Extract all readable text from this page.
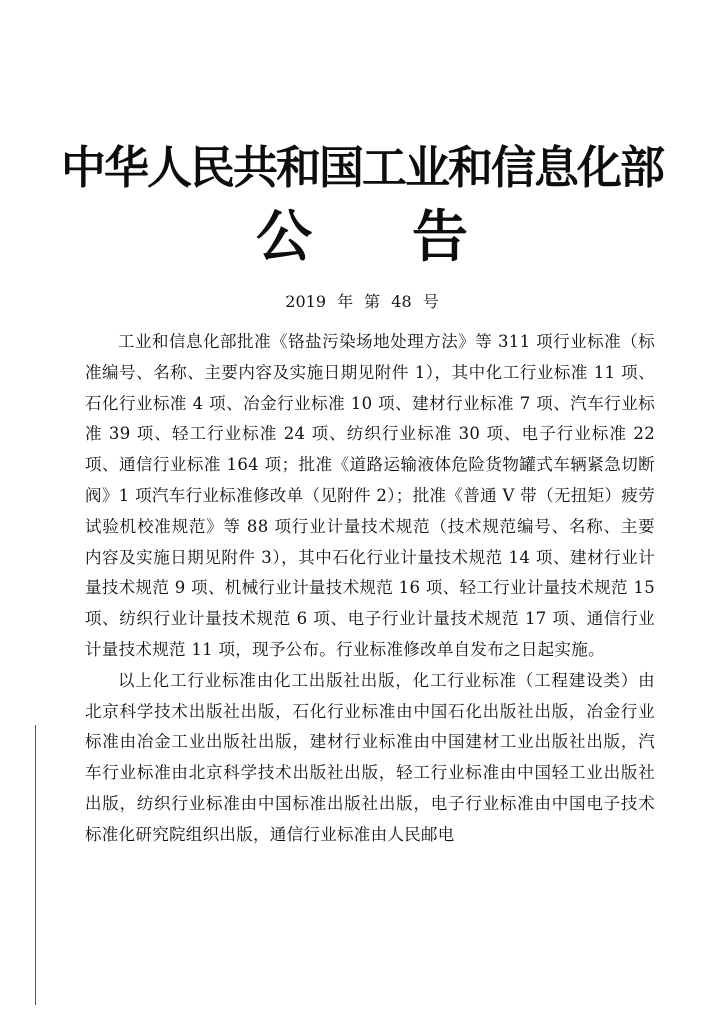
中华人民共和国工业和信息化部
公 告
2019 年 第 48 号

工业和信息化部批准《铬盐污染场地处理方法》等 311 项行业标准（标准编号、名称、主要内容及实施日期见附件 1），其中化工行业标准 11 项、石化行业标准 4 项、冶金行业标准 10 项、建材行业标准 7 项、汽车行业标准 39 项、轻工行业标准 24 项、纺织行业标准 30 项、电子行业标准 22 项、通信行业标准 164 项；批准《道路运输液体危险货物罐式车辆紧急切断阀》1 项汽车行业标准修改单（见附件 2）；批准《普通 V 带（无扭矩）疲劳试验机校准规范》等 88 项行业计量技术规范（技术规范编号、名称、主要内容及实施日期见附件 3），其中石化行业计量技术规范 14 项、建材行业计量技术规范 9 项、机械行业计量技术规范 16 项、轻工行业计量技术规范 15 项、纺织行业计量技术规范 6 项、电子行业计量技术规范 17 项、通信行业计量技术规范 11 项，现予公布。行业标准修改单自发布之日起实施。

以上化工行业标准由化工出版社出版，化工行业标准（工程建设类）由北京科学技术出版社出版，石化行业标准由中国石化出版社出版，冶金行业标准由冶金工业出版社出版，建材行业标准由中国建材工业出版社出版，汽车行业标准由北京科学技术出版社出版，轻工行业标准由中国轻工业出版社出版，纺织行业标准由中国标准出版社出版，电子行业标准由中国电子技术标准化研究院组织出版，通信行业标准由人民邮电
